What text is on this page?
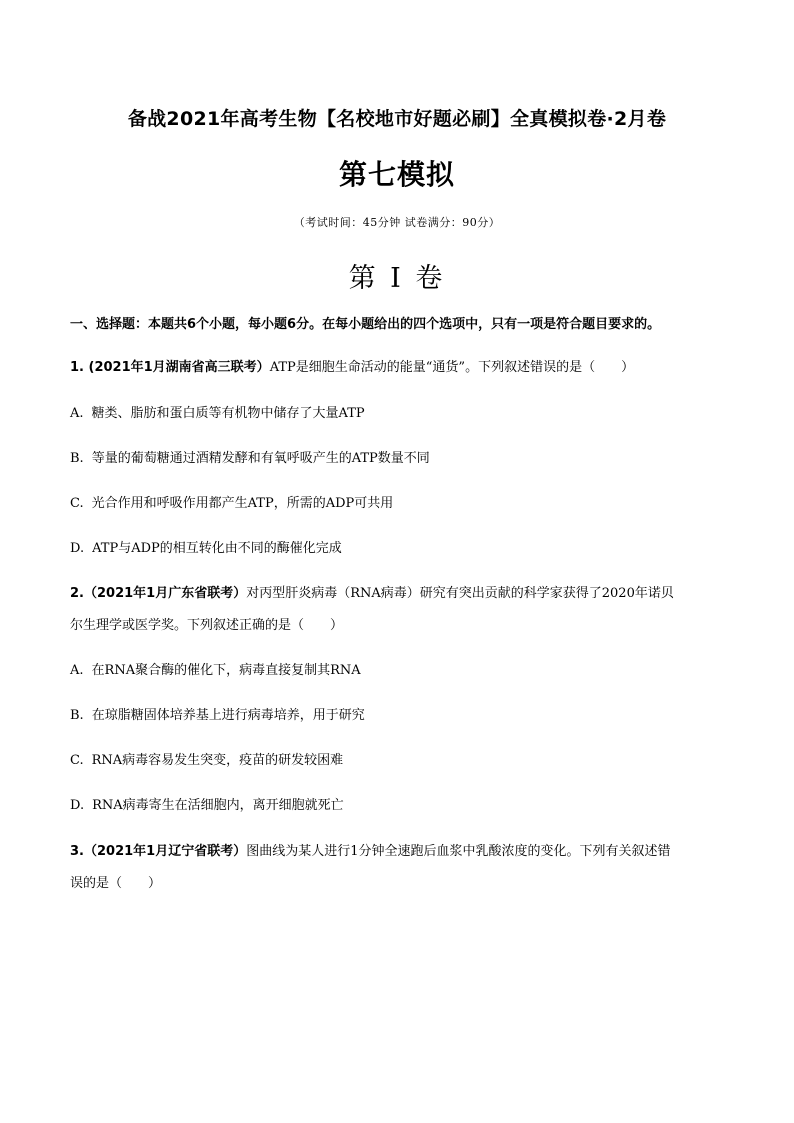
备战2021年高考生物【名校地市好题必刷】全真模拟卷·2月卷
第七模拟
（考试时间：45分钟 试卷满分：90分）
第 I 卷
一、选择题：本题共6个小题，每小题6分。在每小题给出的四个选项中，只有一项是符合题目要求的。
1. (2021年1月湖南省高三联考）ATP是细胞生命活动的能量“通货”。下列叙述错误的是（　　）
A. 糖类、脂肪和蛋白质等有机物中储存了大量ATP
B. 等量的葡萄糖通过酒精发酵和有氧呼吸产生的ATP数量不同
C. 光合作用和呼吸作用都产生ATP，所需的ADP可共用
D. ATP与ADP的相互转化由不同的酶催化完成
2.（2021年1月广东省联考）对丙型肝炎病毒（RNA病毒）研究有突出贡献的科学家获得了2020年诺贝
尔生理学或医学奖。下列叙述正确的是（　　）
A. 在RNA聚合酶的催化下，病毒直接复制其RNA
B. 在琼脂糖固体培养基上进行病毒培养，用于研究
C. RNA病毒容易发生突变，疫苗的研发较困难
D. RNA病毒寄生在活细胞内，离开细胞就死亡
3.（2021年1月辽宁省联考）图曲线为某人进行1分钟全速跑后血浆中乳酸浓度的变化。下列有关叙述错
误的是（　　）
